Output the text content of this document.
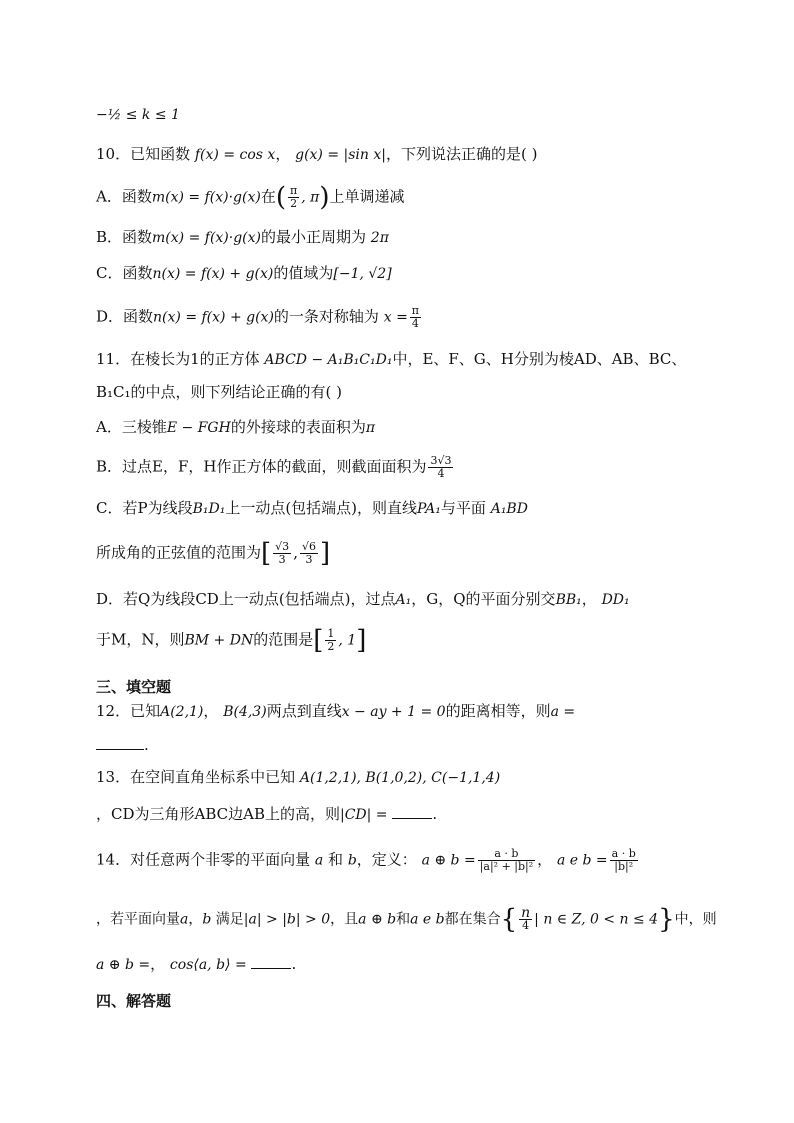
−½ ≤ k ≤ 1
10．已知函数 f(x) = cos x， g(x) = |sin x|，下列说法正确的是( )
A．函数m(x) = f(x)·g(x)在( $\frac{\pi}{2}$ , π)上单调递减
B．函数m(x) = f(x)·g(x)的最小正周期为 2π
C．函数n(x) = f(x) + g(x)的值域为[−1, √2]
D．函数n(x) = f(x) + g(x)的一条对称轴为 $x = \frac{\pi}{4}$
11．在棱长为1的正方体 ABCD − A₁B₁C₁D₁中，E、F、G、H分别为棱AD、AB、BC、
B₁C₁的中点，则下列结论正确的有( )
A．三棱锥E − FGH的外接球的表面积为π
B．过点E，F，H作正方体的截面，则截面面积为 $\frac{3√3}{4}$
C．若P为线段B₁D₁上一动点(包括端点)，则直线PA₁与平面 A₁BD
所成角的正弦值的范围为[ $\frac{√3}{3}$ , $\frac{√6}{3}$ ]
D．若Q为线段CD上一动点(包括端点)，过点A₁，G，Q的平面分别交BB₁， DD₁
于M，N，则BM + DN的范围是[ $\frac{1}{2}$ , 1]
三、填空题
12．已知A(2,1)， B(4,3)两点到直线x − ay + 1 = 0的距离相等，则a =
.
13．在空间直角坐标系中已知 A(1,2,1), B(1,0,2), C(−1,1,4)
，CD为三角形ABC边AB上的高，则|CD| =	.
14．对任意两个非零的平面向量 a 和 b，定义： a ⊕ $b = \frac{a \cdot b}{\text{|a|² + |b|²}}$ ， a e $b = \frac{a \cdot b}{\text{|b|²}}$
，若平面向量a，b 满足|a| > |b| > 0，且a ⊕ b和a e b都在集合{ $\frac{n}{4}$ | n ∈ Z, 0 < n ≤ 4}中，则
a ⊕ b =， cos⟨a, b⟩ =	.
四、解答题
